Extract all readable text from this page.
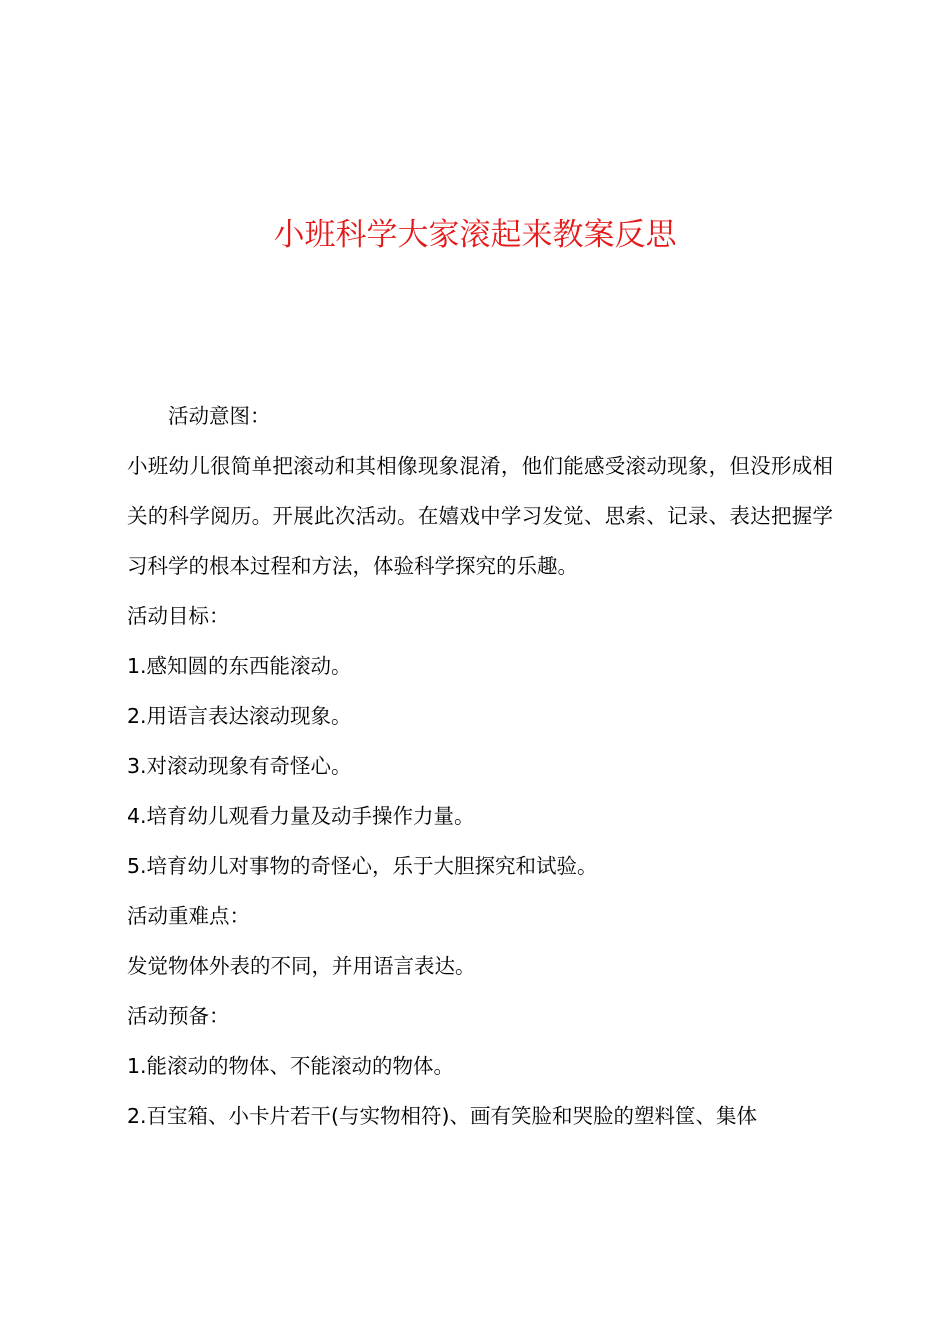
小班科学大家滚起来教案反思

活动意图：

小班幼儿很简单把滚动和其相像现象混淆，他们能感受滚动现象，但没形成相关的科学阅历。开展此次活动。在嬉戏中学习发觉、思索、记录、表达把握学习科学的根本过程和方法，体验科学探究的乐趣。

活动目标：

1.感知圆的东西能滚动。

2.用语言表达滚动现象。

3.对滚动现象有奇怪心。

4.培育幼儿观看力量及动手操作力量。

5.培育幼儿对事物的奇怪心，乐于大胆探究和试验。

活动重难点：

发觉物体外表的不同，并用语言表达。

活动预备：

1.能滚动的物体、不能滚动的物体。

2.百宝箱、小卡片若干(与实物相符)、画有笑脸和哭脸的塑料筐、集体
